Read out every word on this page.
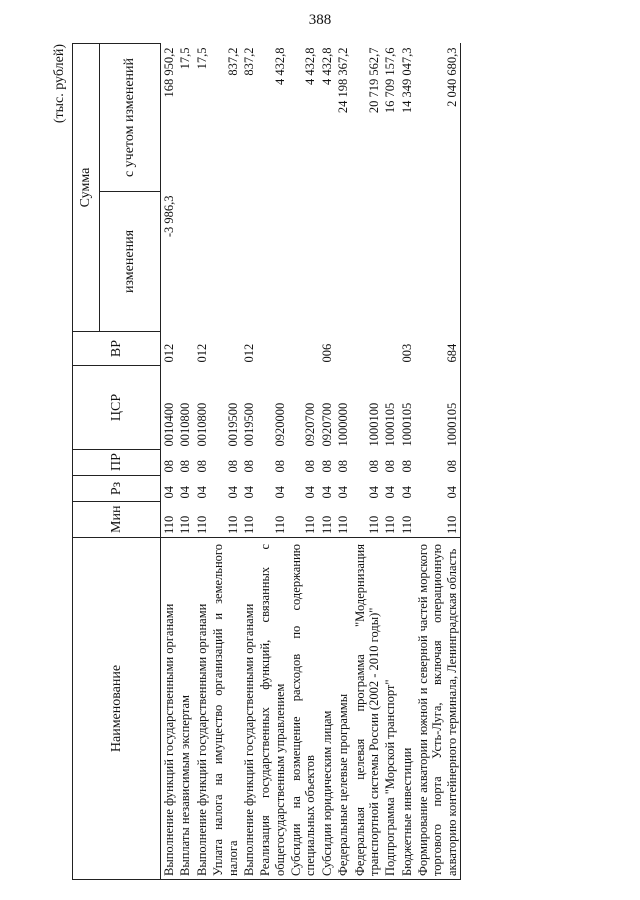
388
(тыс. рублей)
Наименование	Мин	Рз	ПР	ЦСР	ВР	Сумма	
						изменения	с учетом изменений
Выполнение функций государственными органами	110	04	08	0010400	012	-3 986,3	168 950,2
Выплаты независимым экспертам	110	04	08	0010800			17,5
Выполнение функций государственными органами	110	04	08	0010800	012		17,5
Уплата налога на имущество организаций и земельного налога	110	04	08	0019500			837,2
Выполнение функций государственными органами	110	04	08	0019500	012		837,2
Реализация государственных функций, связанных с общегосударственным управлением	110	04	08	0920000			4 432,8
Субсидии на возмещение расходов по содержанию специальных объектов	110	04	08	0920700			4 432,8
Субсидии юридическим лицам	110	04	08	0920700	006		4 432,8
Федеральные целевые программы	110	04	08	1000000			24 198 367,2
Федеральная целевая программа "Модернизация транспортной системы России (2002 - 2010 годы)"	110	04	08	1000100			20 719 562,7
Подпрограмма "Морской транспорт"	110	04	08	1000105			16 709 157,6
Бюджетные инвестиции	110	04	08	1000105	003		14 349 047,3
Формирование акватории южной и северной частей морского торгового порта Усть-Луга, включая операционную акваторию контейнерного терминала, Ленинградская область	110	04	08	1000105	684		2 040 680,3
